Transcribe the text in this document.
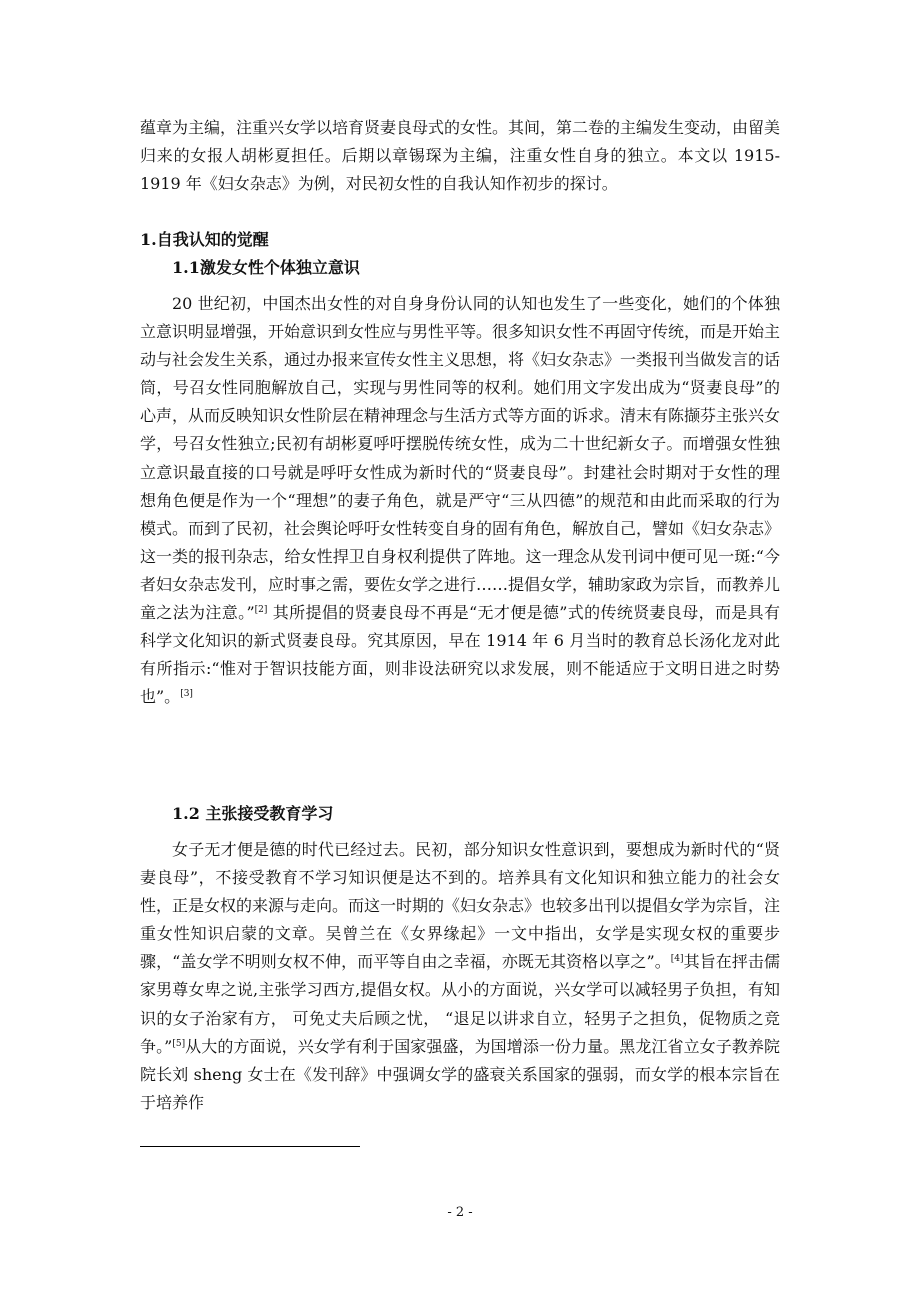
蕴章为主编，注重兴女学以培育贤妻良母式的女性。其间，第二卷的主编发生变动，由留美归来的女报人胡彬夏担任。后期以章锡琛为主编，注重女性自身的独立。本文以 1915-1919 年《妇女杂志》为例，对民初女性的自我认知作初步的探讨。

1.自我认知的觉醒

1.1激发女性个体独立意识

20 世纪初，中国杰出女性的对自身身份认同的认知也发生了一些变化，她们的个体独立意识明显增强，开始意识到女性应与男性平等。很多知识女性不再固守传统，而是开始主动与社会发生关系，通过办报来宣传女性主义思想，将《妇女杂志》一类报刊当做发言的话筒，号召女性同胞解放自己，实现与男性同等的权利。她们用文字发出成为“贤妻良母”的心声，从而反映知识女性阶层在精神理念与生活方式等方面的诉求。清末有陈撷芬主张兴女学，号召女性独立;民初有胡彬夏呼吁摆脱传统女性，成为二十世纪新女子。而增强女性独立意识最直接的口号就是呼吁女性成为新时代的“贤妻良母”。封建社会时期对于女性的理想角色便是作为一个“理想”的妻子角色，就是严守“三从四德”的规范和由此而采取的行为模式。而到了民初，社会舆论呼吁女性转变自身的固有角色，解放自己，譬如《妇女杂志》这一类的报刊杂志，给女性捍卫自身权利提供了阵地。这一理念从发刊词中便可见一斑:“今者妇女杂志发刊，应时事之需，要佐女学之进行……提倡女学，辅助家政为宗旨，而教养儿童之法为注意。”[2] 其所提倡的贤妻良母不再是“无才便是德”式的传统贤妻良母，而是具有科学文化知识的新式贤妻良母。究其原因，早在 1914 年 6 月当时的教育总长汤化龙对此有所指示:“惟对于智识技能方面，则非设法研究以求发展，则不能适应于文明日进之时势也”。[3]

1.2 主张接受教育学习

女子无才便是德的时代已经过去。民初，部分知识女性意识到，要想成为新时代的“贤妻良母”，不接受教育不学习知识便是达不到的。培养具有文化知识和独立能力的社会女性，正是女权的来源与走向。而这一时期的《妇女杂志》也较多出刊以提倡女学为宗旨，注重女性知识启蒙的文章。吴曾兰在《女界缘起》一文中指出，女学是实现女权的重要步骤，“盖女学不明则女权不伸，而平等自由之幸福，亦既无其资格以享之”。[4]其旨在抨击儒家男尊女卑之说,主张学习西方,提倡女权。从小的方面说，兴女学可以减轻男子负担，有知识的女子治家有方， 可免丈夫后顾之忧， “退足以讲求自立，轻男子之担负，促物质之竞争。”[5]从大的方面说，兴女学有利于国家强盛，为国增添一份力量。黑龙江省立女子教养院院长刘 sheng 女士在《发刊辞》中强调女学的盛衰关系国家的强弱，而女学的根本宗旨在于培养作

- 2 -
